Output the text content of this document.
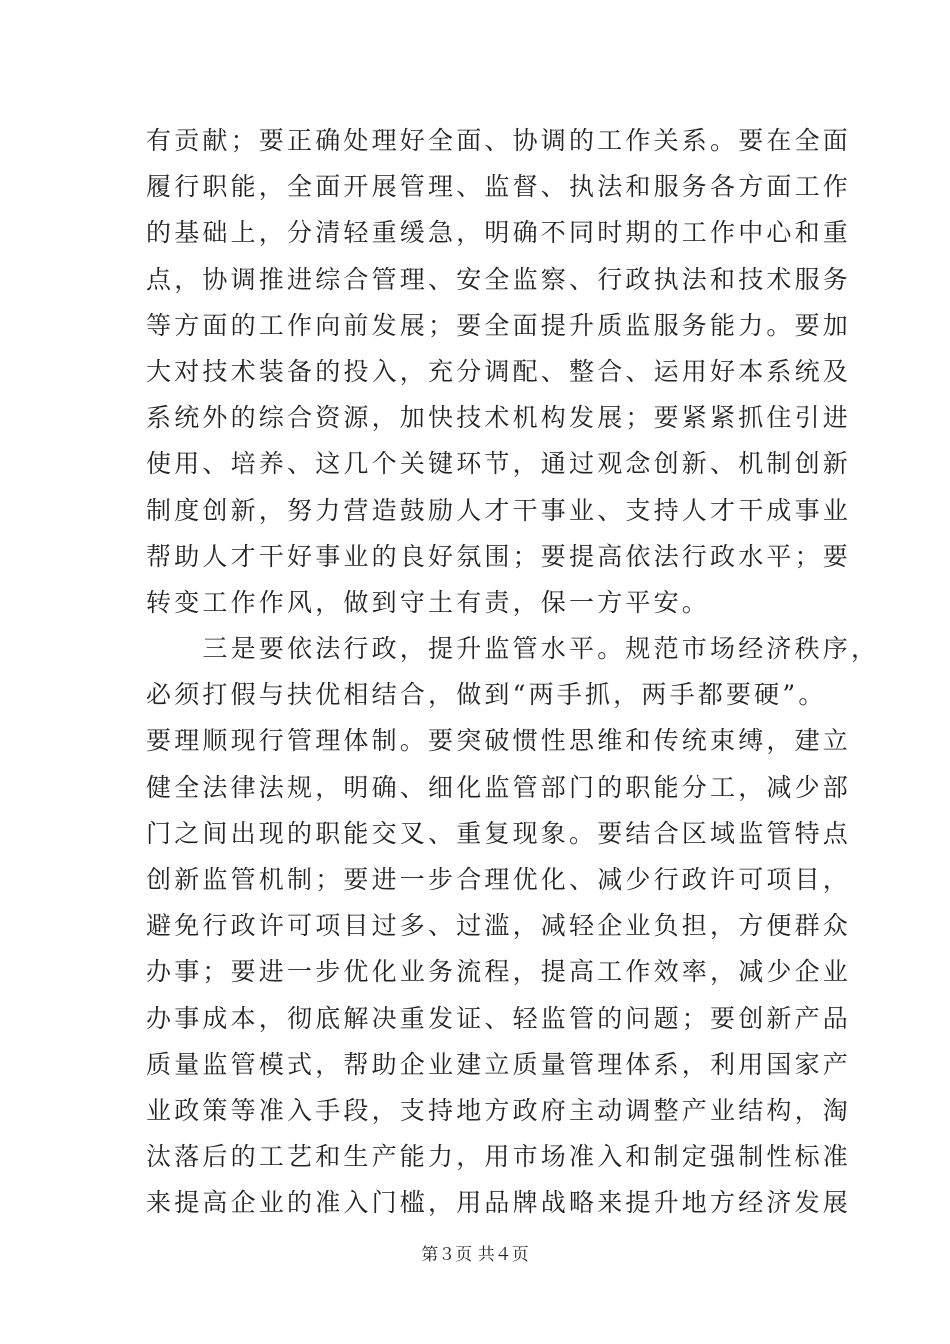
有贡献；要正确处理好全面、协调的工作关系。要在全面
履行职能，全面开展管理、监督、执法和服务各方面工作
的基础上，分清轻重缓急，明确不同时期的工作中心和重
点，协调推进综合管理、安全监察、行政执法和技术服务
等方面的工作向前发展；要全面提升质监服务能力。要加
大对技术装备的投入，充分调配、整合、运用好本系统及
系统外的综合资源，加快技术机构发展；要紧紧抓住引进
使用、培养、这几个关键环节，通过观念创新、机制创新
制度创新，努力营造鼓励人才干事业、支持人才干成事业
帮助人才干好事业的良好氛围；要提高依法行政水平；要
转变工作作风，做到守土有责，保一方平安。
　　三是要依法行政，提升监管水平。规范市场经济秩序，
必须打假与扶优相结合，做到“两手抓，两手都要硬”。
要理顺现行管理体制。要突破惯性思维和传统束缚，建立
健全法律法规，明确、细化监管部门的职能分工，减少部
门之间出现的职能交叉、重复现象。要结合区域监管特点
创新监管机制；要进一步合理优化、减少行政许可项目，
避免行政许可项目过多、过滥，减轻企业负担，方便群众
办事；要进一步优化业务流程，提高工作效率，减少企业
办事成本，彻底解决重发证、轻监管的问题；要创新产品
质量监管模式，帮助企业建立质量管理体系，利用国家产
业政策等准入手段，支持地方政府主动调整产业结构，淘
汰落后的工艺和生产能力，用市场准入和制定强制性标准
来提高企业的准入门槛，用品牌战略来提升地方经济发展
第３页 共４页
